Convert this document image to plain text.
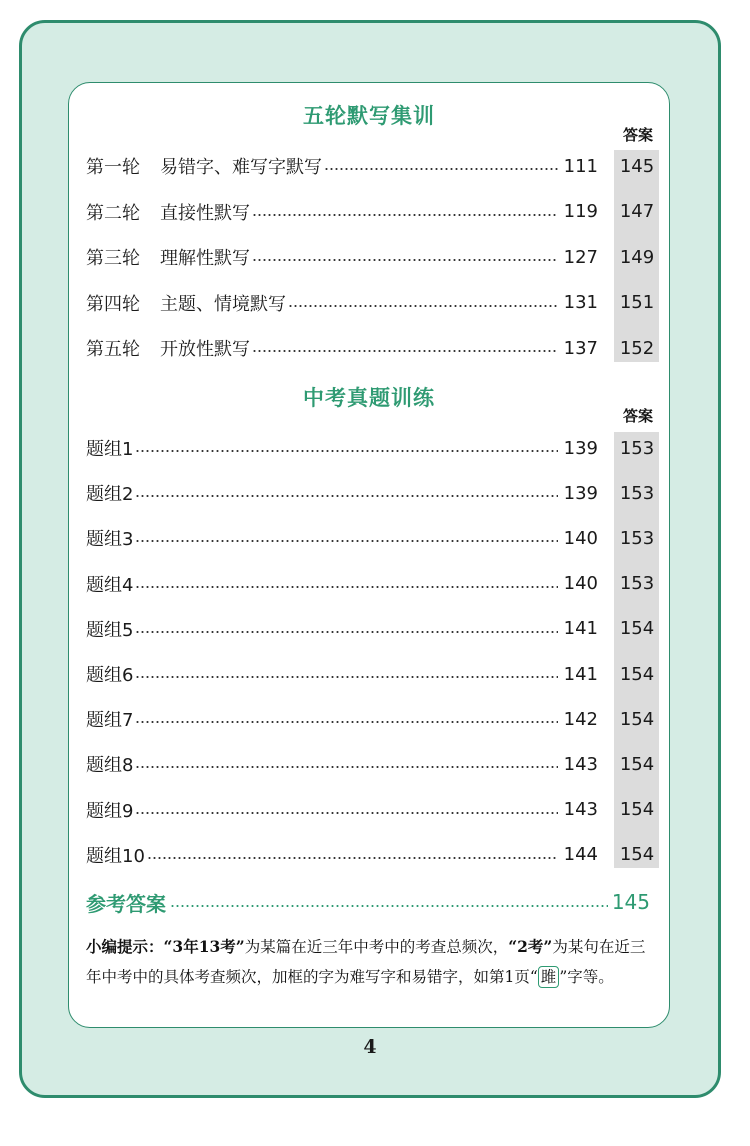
五轮默写集训
答案
第一轮 易错字、难写字默写	111	145
第二轮 直接性默写	119	147
第三轮 理解性默写	127	149
第四轮 主题、情境默写	131	151
第五轮 开放性默写	137	152
中考真题训练
答案
题组1	139	153
题组2	139	153
题组3	140	153
题组4	140	153
题组5	141	154
题组6	141	154
题组7	142	154
题组8	143	154
题组9	143	154
题组10	144	154
参考答案	145
小编提示：“3年13考”为某篇在近三年中考中的考查总频次，“2考”为某句在近三年中考中的具体考查频次，加框的字为难写字和易错字，如第1页“ 雎 ”字等。
4
